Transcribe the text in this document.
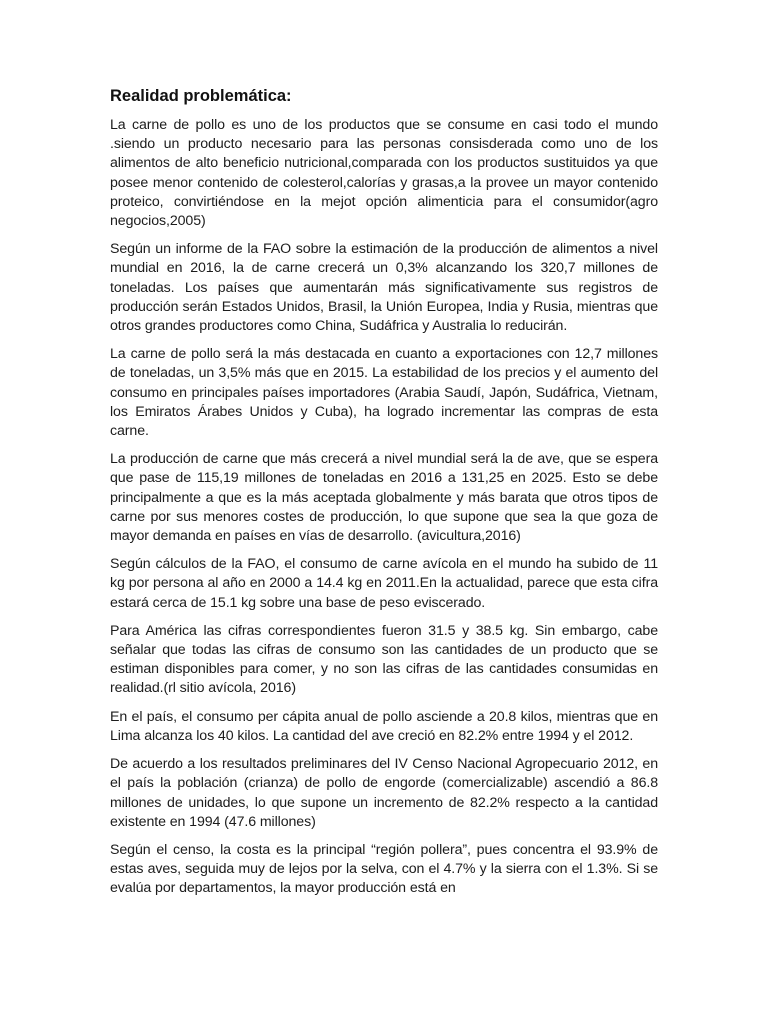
Realidad problemática:

La carne de pollo es uno de los productos que se consume en casi todo el mundo .siendo un producto necesario para las personas consisderada como uno de los alimentos de alto beneficio nutricional,comparada con los productos sustituidos ya que posee menor contenido de colesterol,calorías y grasas,a la provee un mayor contenido proteico, convirtiéndose en la mejot opción alimenticia para el consumidor(agro negocios,2005)

Según un informe de la FAO sobre la estimación de la producción de alimentos a nivel mundial en 2016, la de carne crecerá un 0,3% alcanzando los 320,7 millones de toneladas. Los países que aumentarán más significativamente sus registros de producción serán Estados Unidos, Brasil, la Unión Europea, India y Rusia, mientras que otros grandes productores como China, Sudáfrica y Australia lo reducirán.

La carne de pollo será la más destacada en cuanto a exportaciones con 12,7 millones de toneladas, un 3,5% más que en 2015. La estabilidad de los precios y el aumento del consumo en principales países importadores (Arabia Saudí, Japón, Sudáfrica, Vietnam, los Emiratos Árabes Unidos y Cuba), ha logrado incrementar las compras de esta carne.

La producción de carne que más crecerá a nivel mundial será la de ave, que se espera que pase de 115,19 millones de toneladas en 2016 a 131,25 en 2025. Esto se debe principalmente a que es la más aceptada globalmente y más barata que otros tipos de carne por sus menores costes de producción, lo que supone que sea la que goza de mayor demanda en países en vías de desarrollo. (avicultura,2016)

Según cálculos de la FAO, el consumo de carne avícola en el mundo ha subido de 11 kg por persona al año en 2000 a 14.4 kg en 2011.En la actualidad, parece que esta cifra estará cerca de 15.1 kg sobre una base de peso eviscerado.

Para América las cifras correspondientes fueron 31.5 y 38.5 kg. Sin embargo, cabe señalar que todas las cifras de consumo son las cantidades de un producto que se estiman disponibles para comer, y no son las cifras de las cantidades consumidas en realidad.(rl sitio avícola, 2016)

En el país, el consumo per cápita anual de pollo asciende a 20.8 kilos, mientras que en Lima alcanza los 40 kilos. La cantidad del ave creció en 82.2% entre 1994 y el 2012.

De acuerdo a los resultados preliminares del IV Censo Nacional Agropecuario 2012, en el país la población (crianza) de pollo de engorde (comercializable) ascendió a 86.8 millones de unidades, lo que supone un incremento de 82.2% respecto a la cantidad existente en 1994 (47.6 millones)

Según el censo, la costa es la principal “región pollera”, pues concentra el 93.9% de estas aves, seguida muy de lejos por la selva, con el 4.7% y la sierra con el 1.3%. Si se evalúa por departamentos, la mayor producción está en
